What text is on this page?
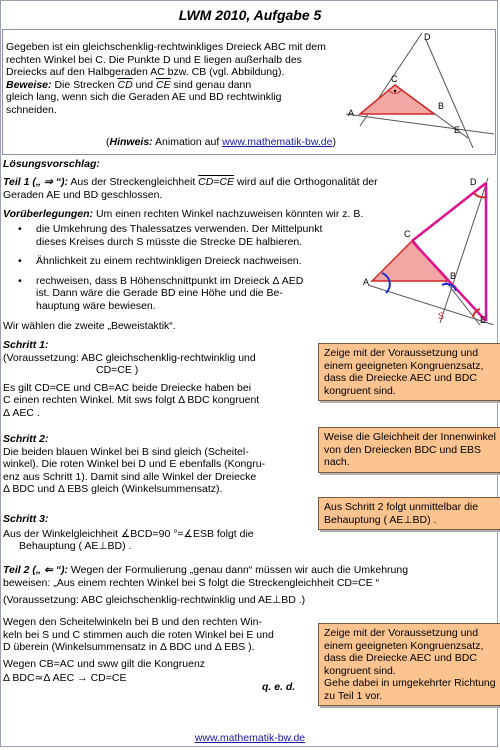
LWM 2010, Aufgabe 5
Gegeben ist ein gleichschenklig-rechtwinkliges Dreieck ABC mit dem
rechten Winkel bei C. Die Punkte D und E liegen außerhalb des
Dreiecks auf den Halbgeraden AC bzw. CB (vgl. Abbildung).
Beweise: Die Strecken $\overline{CD}$ und $\overline{CE}$ sind genau dann
gleich lang, wenn sich die Geraden AE und BD rechtwinklig
schneiden.
(Hinweis: Animation auf www.mathematik-bw.de)
D
C
B
E
A
Lösungsvorschlag:
Teil 1 („ ⇒ “): Aus der Streckengleichheit CD=CE wird auf die Orthogonalität der
Geraden AE und BD geschlossen.
Vorüberlegungen: Um einen rechten Winkel nachzuweisen könnten wir z. B.
• die Umkehrung des Thalessatzes verwenden. Der Mittelpunkt
dieses Kreises durch S müsste die Strecke DE halbieren.
• Ähnlichkeit zu einem rechtwinkligen Dreieck nachweisen.
• rechweisen, dass B Höhenschnittpunkt im Dreieck Δ AED
ist. Dann wäre die Gerade BD eine Höhe und die Be-
hauptung wäre bewiesen.
Wir wählen die zweite „Beweistaktik“.
D
C
B
A
S	E
Schritt 1:
(Voraussetzung: ABC gleichschenklig-rechtwinklig und
CD=CE )
Es gilt CD=CE und CB=AC beide Dreiecke haben bei
C einen rechten Winkel. Mit sws folgt Δ BDC kongruent
Δ AEC .
Schritt 2:
Die beiden blauen Winkel bei B sind gleich (Scheitel-
winkel). Die roten Winkel bei D und E ebenfalls (Kongru-
enz aus Schritt 1). Damit sind alle Winkel der Dreiecke
Δ BDC und Δ EBS gleich (Winkelsummensatz).
Schritt 3:
Aus der Winkelgleichheit ∡BCD=90 °=∡ESB folgt die
Behauptung ( AE⊥BD) .
Teil 2 („ ⇐ “): Wegen der Formulierung „genau dann“ müssen wir auch die Umkehrung
beweisen: „Aus einem rechten Winkel bei S folgt die Streckengleichheit CD=CE “
(Voraussetzung: ABC gleichschenklig-rechtwinklig und AE⊥BD .)
Wegen den Scheitelwinkeln bei B und den rechten Win-
keln bei S und C stimmen auch die roten Winkel bei E und
D überein (Winkelsummensatz in Δ BDC und Δ EBS ).
Wegen CB=AC und sww gilt die Kongruenz
Δ BDC≃Δ AEC → CD=CE
q. e. d.
Zeige mit der Voraussetzung und einem geeigneten Kongruenzsatz, dass die Dreiecke AEC und BDC kongruent sind.
Weise die Gleichheit der Innenwinkel von den Dreiecken BDC und EBS nach.
Aus Schritt 2 folgt unmittelbar die Behauptung ( AE⊥BD) .
Zeige mit der Voraussetzung und einem geeigneten Kongruenzsatz, dass die Dreiecke AEC und BDC kongruent sind.
Gehe dabei in umgekehrter Richtung zu Teil 1 vor.
www.mathematik-bw.de
